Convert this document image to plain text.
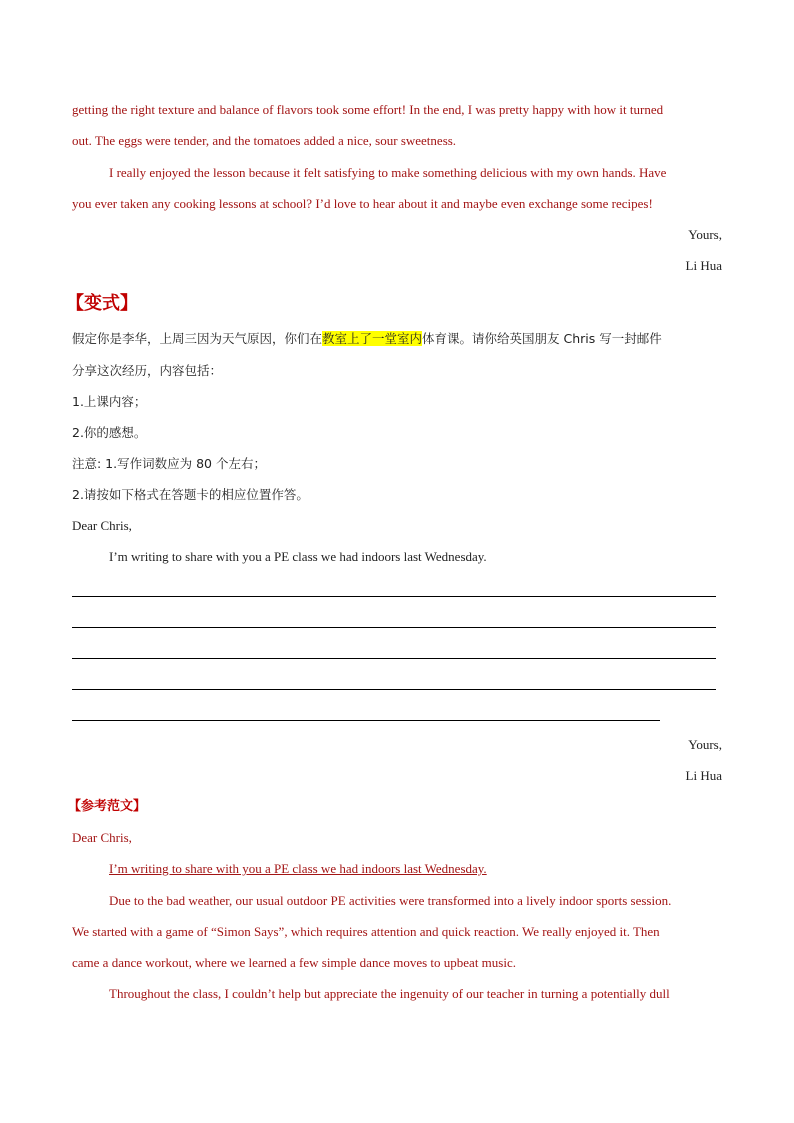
getting the right texture and balance of flavors took some effort! In the end, I was pretty happy with how it turned
out. The eggs were tender, and the tomatoes added a nice, sour sweetness.
I really enjoyed the lesson because it felt satisfying to make something delicious with my own hands. Have
you ever taken any cooking lessons at school? I’d love to hear about it and maybe even exchange some recipes!
Yours,
Li Hua
【变式】
假定你是李华，上周三因为天气原因，你们在教室上了一堂室内体育课。请你给英国朋友 Chris 写一封邮件
分享这次经历，内容包括：
1.上课内容；
2.你的感想。
注意: 1.写作词数应为 80 个左右；
2.请按如下格式在答题卡的相应位置作答。
Dear Chris,
I’m writing to share with you a PE class we had indoors last Wednesday.
Yours,
Li Hua
【参考范文】
Dear Chris,
I’m writing to share with you a PE class we had indoors last Wednesday.
Due to the bad weather, our usual outdoor PE activities were transformed into a lively indoor sports session.
We started with a game of “Simon Says”, which requires attention and quick reaction. We really enjoyed it. Then
came a dance workout, where we learned a few simple dance moves to upbeat music.
Throughout the class, I couldn’t help but appreciate the ingenuity of our teacher in turning a potentially dull
